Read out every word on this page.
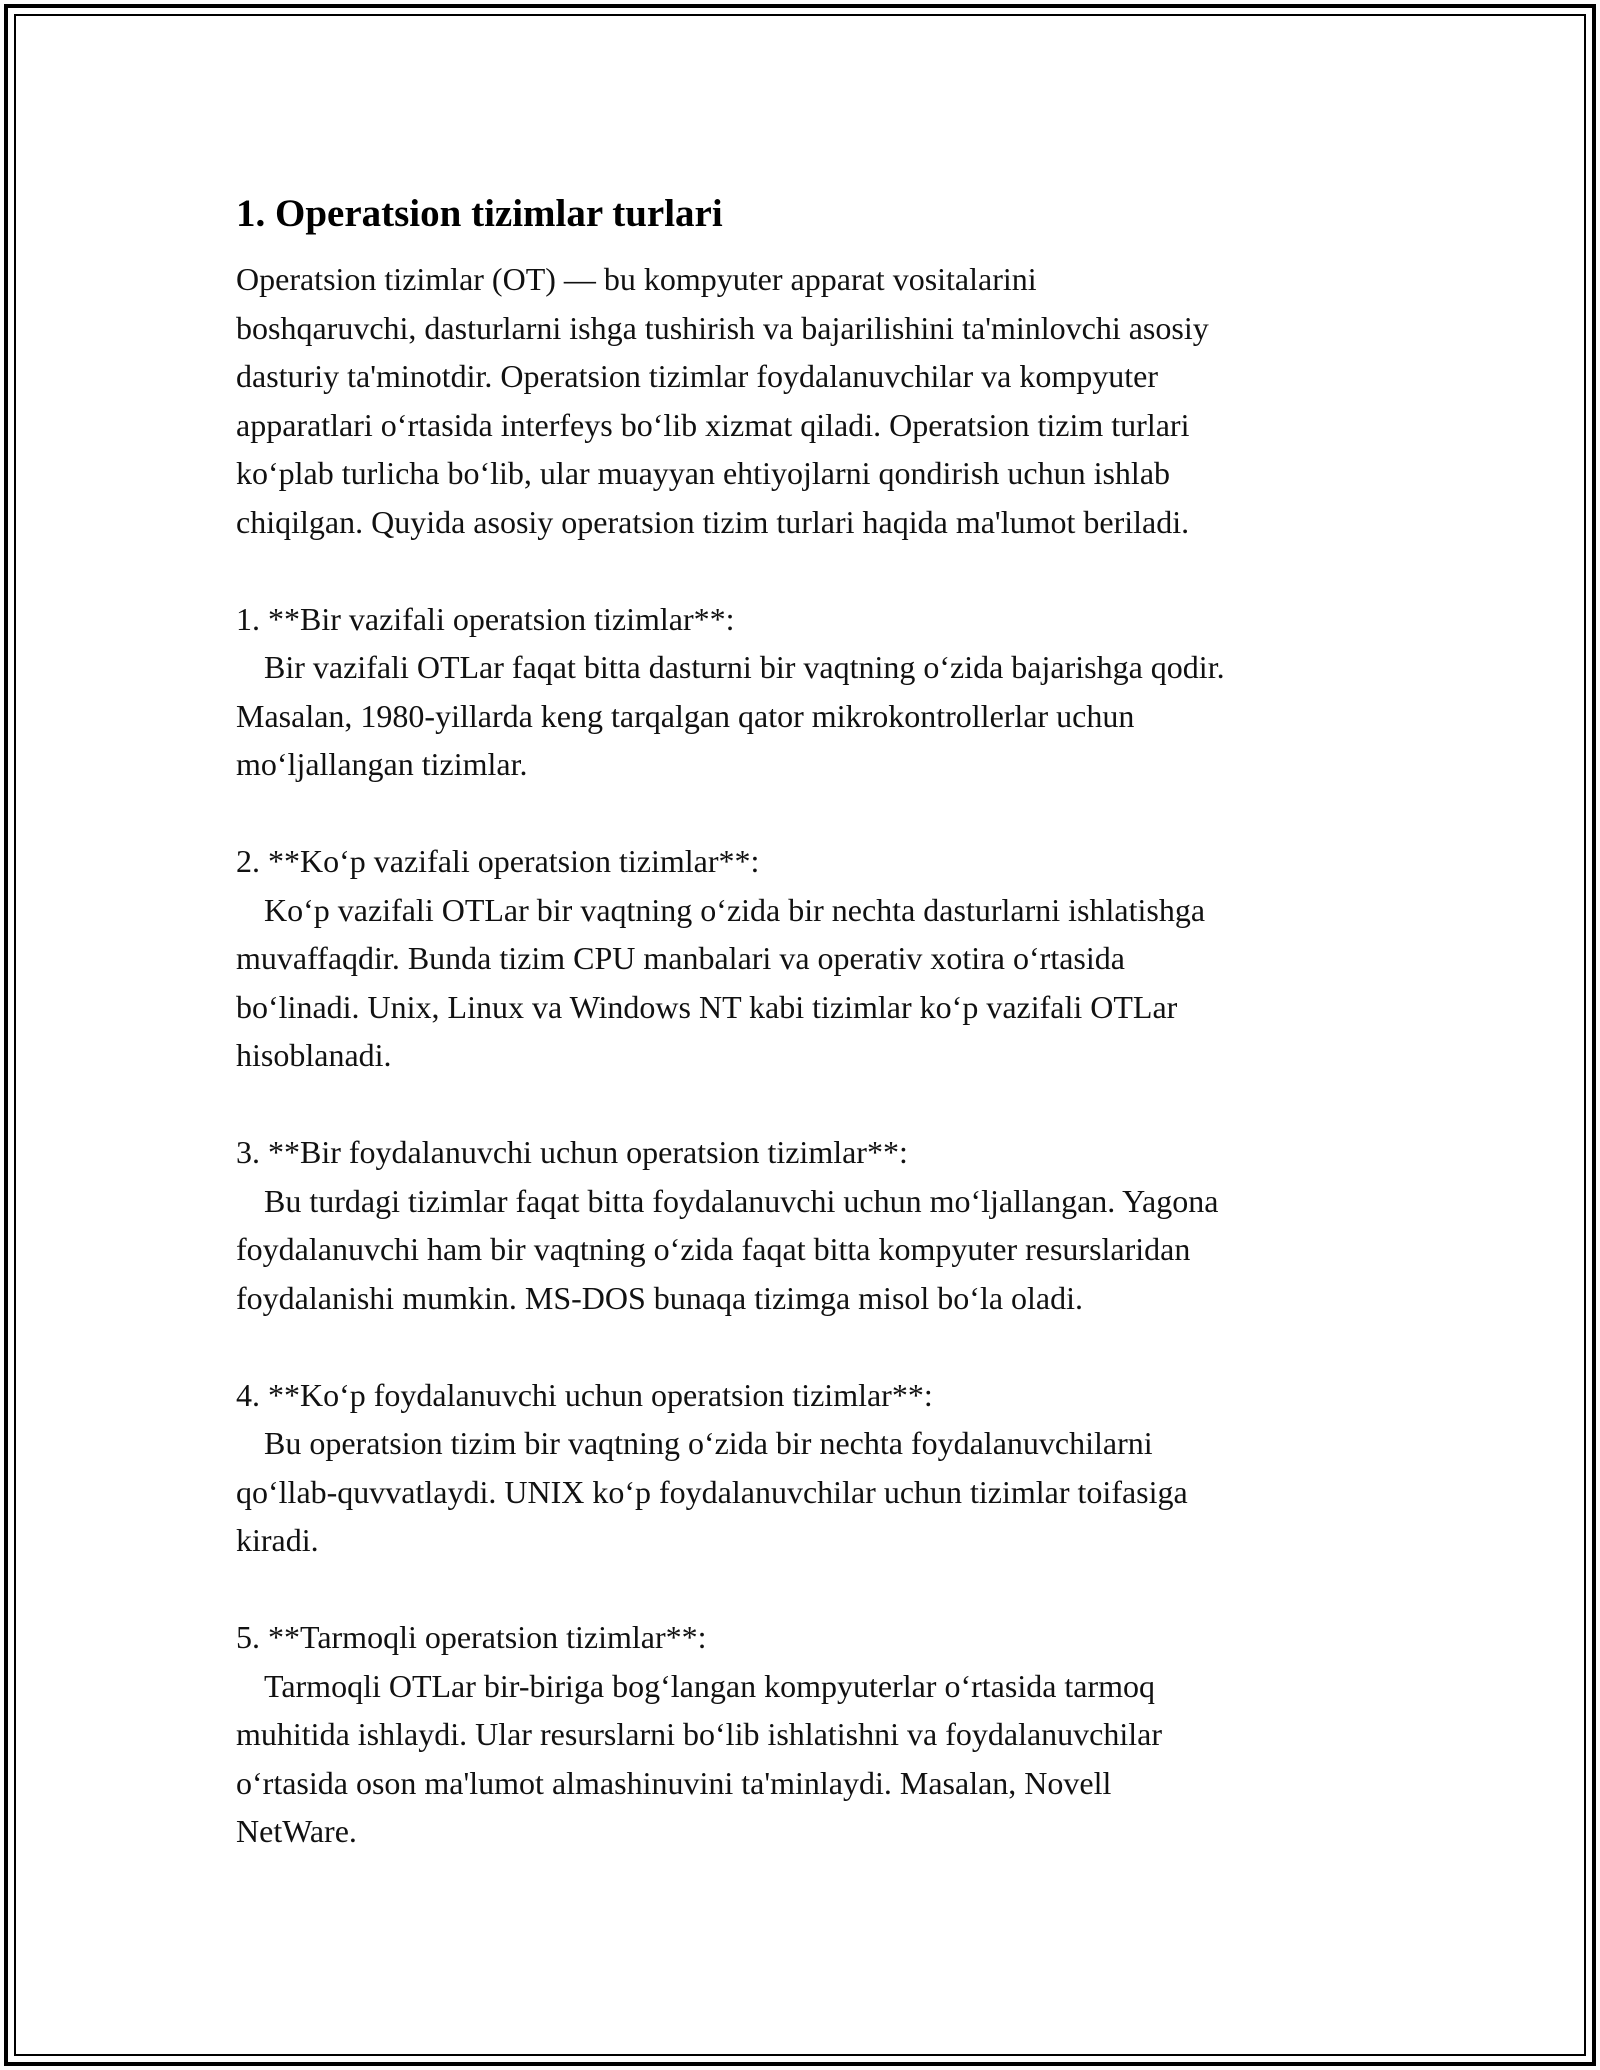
1. Operatsion tizimlar turlari

Operatsion tizimlar (OT) — bu kompyuter apparat vositalarini
boshqaruvchi, dasturlarni ishga tushirish va bajarilishini ta'minlovchi asosiy
dasturiy ta'minotdir. Operatsion tizimlar foydalanuvchilar va kompyuter
apparatlari oʻrtasida interfeys boʻlib xizmat qiladi. Operatsion tizim turlari
koʻplab turlicha boʻlib, ular muayyan ehtiyojlarni qondirish uchun ishlab
chiqilgan. Quyida asosiy operatsion tizim turlari haqida ma'lumot beriladi.

1. **Bir vazifali operatsion tizimlar**:

Bir vazifali OTLar faqat bitta dasturni bir vaqtning oʻzida bajarishga qodir.
Masalan, 1980-yillarda keng tarqalgan qator mikrokontrollerlar uchun
moʻljallangan tizimlar.

2. **Koʻp vazifali operatsion tizimlar**:

Koʻp vazifali OTLar bir vaqtning oʻzida bir nechta dasturlarni ishlatishga
muvaffaqdir. Bunda tizim CPU manbalari va operativ xotira oʻrtasida
boʻlinadi. Unix, Linux va Windows NT kabi tizimlar koʻp vazifali OTLar
hisoblanadi.

3. **Bir foydalanuvchi uchun operatsion tizimlar**:

Bu turdagi tizimlar faqat bitta foydalanuvchi uchun moʻljallangan. Yagona
foydalanuvchi ham bir vaqtning oʻzida faqat bitta kompyuter resurslaridan
foydalanishi mumkin. MS-DOS bunaqa tizimga misol boʻla oladi.

4. **Koʻp foydalanuvchi uchun operatsion tizimlar**:

Bu operatsion tizim bir vaqtning oʻzida bir nechta foydalanuvchilarni
qoʻllab-quvvatlaydi. UNIX koʻp foydalanuvchilar uchun tizimlar toifasiga
kiradi.

5. **Tarmoqli operatsion tizimlar**:

Tarmoqli OTLar bir-biriga bogʻlangan kompyuterlar oʻrtasida tarmoq
muhitida ishlaydi. Ular resurslarni boʻlib ishlatishni va foydalanuvchilar
oʻrtasida oson ma'lumot almashinuvini ta'minlaydi. Masalan, Novell
NetWare.
